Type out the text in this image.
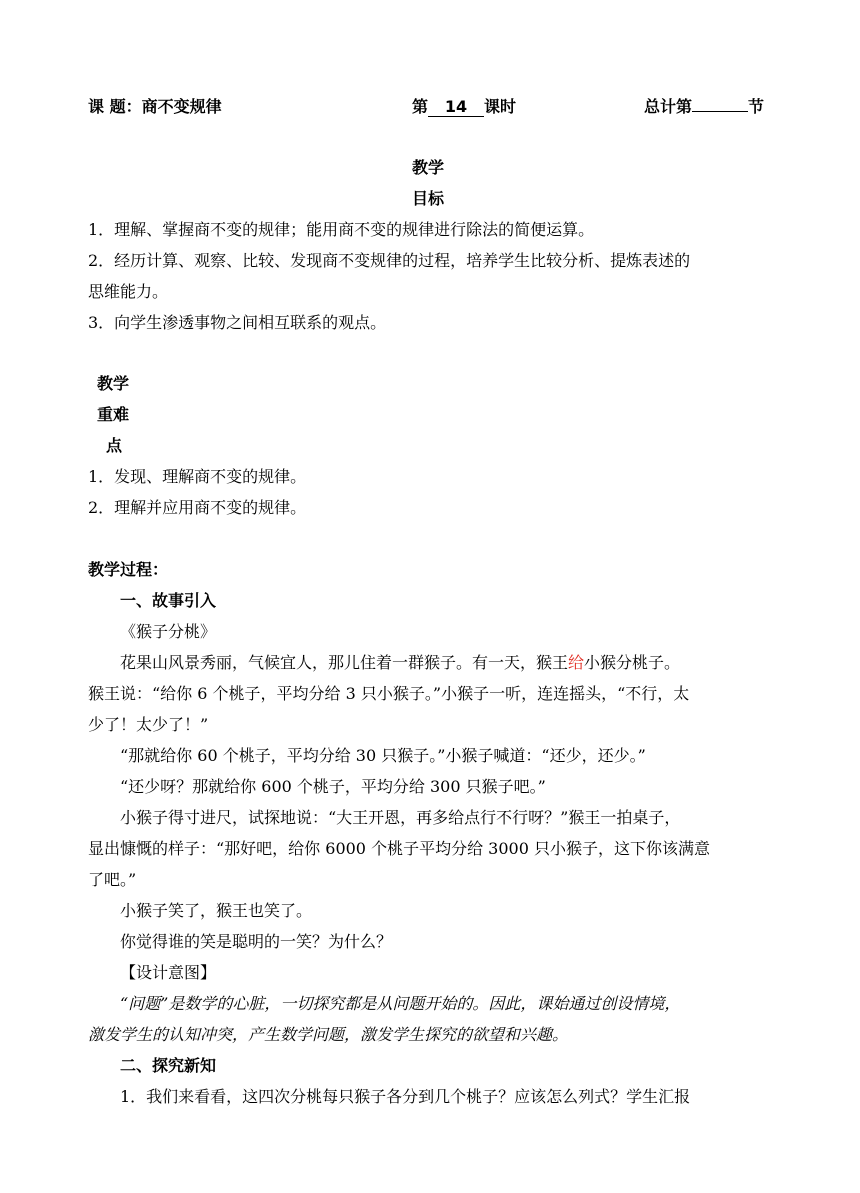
课 题：商不变规律	第 14 课时	总计第	节
教学
目标
1．理解、掌握商不变的规律；能用商不变的规律进行除法的简便运算。
2．经历计算、观察、比较、发现商不变规律的过程，培养学生比较分析、提炼表述的
思维能力。
3．向学生渗透事物之间相互联系的观点。
教学
重难
点
1．发现、理解商不变的规律。
2．理解并应用商不变的规律。
教学过程：
一、故事引入
《猴子分桃》
花果山风景秀丽，气候宜人，那儿住着一群猴子。有一天，猴王给小猴分桃子。
猴王说：“给你 6 个桃子，平均分给 3 只小猴子。”小猴子一听，连连摇头，“不行，太
少了！太少了！”
“那就给你 60 个桃子，平均分给 30 只猴子。”小猴子喊道：“还少，还少。”
“还少呀？那就给你 600 个桃子，平均分给 300 只猴子吧。”
小猴子得寸进尺，试探地说：“大王开恩，再多给点行不行呀？”猴王一拍桌子，
显出慷慨的样子：“那好吧，给你 6000 个桃子平均分给 3000 只小猴子，这下你该满意
了吧。”
小猴子笑了，猴王也笑了。
你觉得谁的笑是聪明的一笑？为什么？
【设计意图】
“问题”是数学的心脏，一切探究都是从问题开始的。因此，课始通过创设情境，
激发学生的认知冲突，产生数学问题，激发学生探究的欲望和兴趣。
二、探究新知
1．我们来看看，这四次分桃每只猴子各分到几个桃子？应该怎么列式？学生汇报
